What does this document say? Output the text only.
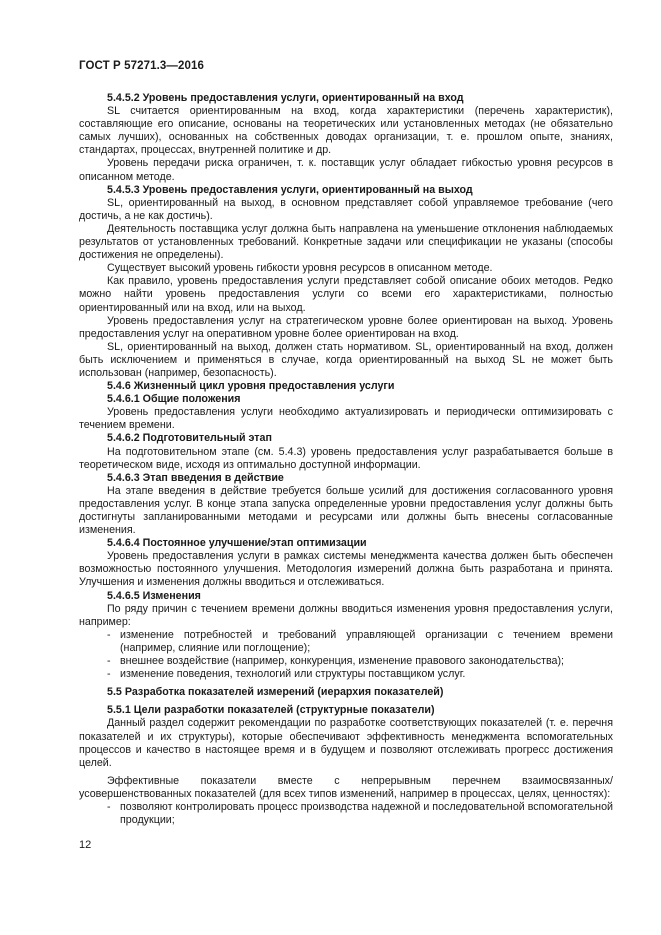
ГОСТ Р 57271.3—2016

5.4.5.2 Уровень предоставления услуги, ориентированный на вход

SL считается ориентированным на вход, когда характеристики (перечень характеристик), составляющие его описание, основаны на теоретических или установленных методах (не обязательно самых лучших), основанных на собственных доводах организации, т. е. прошлом опыте, знаниях, стандартах, процессах, внутренней политике и др.

Уровень передачи риска ограничен, т. к. поставщик услуг обладает гибкостью уровня ресурсов в описанном методе.

5.4.5.3 Уровень предоставления услуги, ориентированный на выход

SL, ориентированный на выход, в основном представляет собой управляемое требование (чего достичь, а не как достичь).

Деятельность поставщика услуг должна быть направлена на уменьшение отклонения наблюдаемых результатов от установленных требований. Конкретные задачи или спецификации не указаны (способы достижения не определены).

Существует высокий уровень гибкости уровня ресурсов в описанном методе.

Как правило, уровень предоставления услуги представляет собой описание обоих методов. Редко можно найти уровень предоставления услуги со всеми его характеристиками, полностью ориентированный или на вход, или на выход.

Уровень предоставления услуг на стратегическом уровне более ориентирован на выход. Уровень предоставления услуг на оперативном уровне более ориентирован на вход.

SL, ориентированный на выход, должен стать нормативом. SL, ориентированный на вход, должен быть исключением и применяться в случае, когда ориентированный на выход SL не может быть использован (например, безопасность).

5.4.6 Жизненный цикл уровня предоставления услуги

5.4.6.1 Общие положения

Уровень предоставления услуги необходимо актуализировать и периодически оптимизировать с течением времени.

5.4.6.2 Подготовительный этап

На подготовительном этапе (см. 5.4.3) уровень предоставления услуг разрабатывается больше в теоретическом виде, исходя из оптимально доступной информации.

5.4.6.3 Этап введения в действие

На этапе введения в действие требуется больше усилий для достижения согласованного уровня предоставления услуг. В конце этапа запуска определенные уровни предоставления услуг должны быть достигнуты запланированными методами и ресурсами или должны быть внесены согласованные изменения.

5.4.6.4 Постоянное улучшение/этап оптимизации

Уровень предоставления услуги в рамках системы менеджмента качества должен быть обеспечен возможностью постоянного улучшения. Методология измерений должна быть разработана и принята. Улучшения и изменения должны вводиться и отслеживаться.

5.4.6.5 Изменения

По ряду причин с течением времени должны вводиться изменения уровня предоставления услуги, например:

- изменение потребностей и требований управляющей организации с течением времени (например, слияние или поглощение);

- внешнее воздействие (например, конкуренция, изменение правового законодательства);

- изменение поведения, технологий или структуры поставщиком услуг.

5.5 Разработка показателей измерений (иерархия показателей)

5.5.1 Цели разработки показателей (структурные показатели)

Данный раздел содержит рекомендации по разработке соответствующих показателей (т. е. перечня показателей и их структуры), которые обеспечивают эффективность менеджмента вспомогательных процессов и качество в настоящее время и в будущем и позволяют отслеживать прогресс достижения целей.

Эффективные показатели вместе с непрерывным перечнем взаимосвязанных/усовершенствованных показателей (для всех типов изменений, например в процессах, целях, ценностях):

- позволяют контролировать процесс производства надежной и последовательной вспомогательной продукции;

12
